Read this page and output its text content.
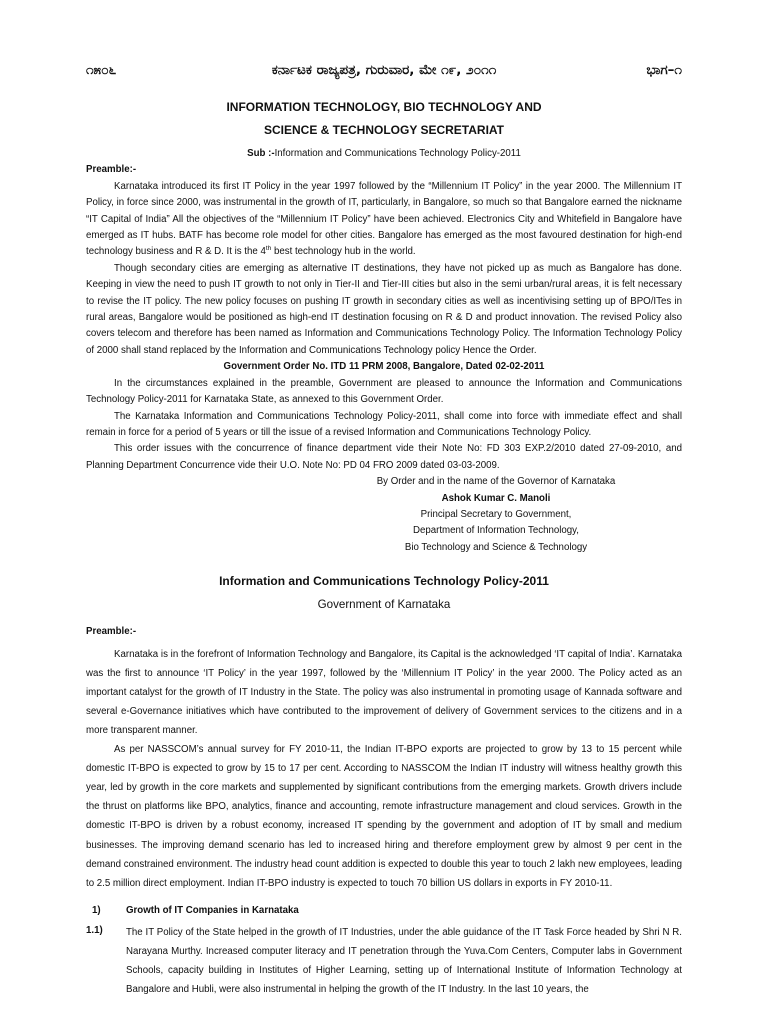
೧೫೦೬	ಕರ್ನಾಟಕ ರಾಜ್ಯಪತ್ರ, ಗುರುವಾರ, ಮೇ ೧೯, ೨೦೧೧	ಭಾಗ–೧

INFORMATION TECHNOLOGY, BIO TECHNOLOGY AND

SCIENCE & TECHNOLOGY SECRETARIAT

Sub :-Information and Communications Technology Policy-2011

Preamble:-

Karnataka introduced its first IT Policy in the year 1997 followed by the “Millennium IT Policy” in the year 2000. The Millennium IT Policy, in force since 2000, was instrumental in the growth of IT, particularly, in Bangalore, so much so that Bangalore earned the nickname “IT Capital of India” All the objectives of the “Millennium IT Policy” have been achieved. Electronics City and Whitefield in Bangalore have emerged as IT hubs. BATF has become role model for other cities. Bangalore has emerged as the most favoured destination for high-end technology business and R & D. It is the 4th best technology hub in the world.

Though secondary cities are emerging as alternative IT destinations, they have not picked up as much as Bangalore has done. Keeping in view the need to push IT growth to not only in Tier-II and Tier-III cities but also in the semi urban/rural areas, it is felt necessary to revise the IT policy. The new policy focuses on pushing IT growth in secondary cities as well as incentivising setting up of BPO/ITes in rural areas, Bangalore would be positioned as high-end IT destination focusing on R & D and product innovation. The revised Policy also covers telecom and therefore has been named as Information and Communications Technology Policy. The Information Technology Policy of 2000 shall stand replaced by the Information and Communications Technology policy Hence the Order.

Government Order No. ITD 11 PRM 2008, Bangalore, Dated 02-02-2011

In the circumstances explained in the preamble, Government are pleased to announce the Information and Communications Technology Policy-2011 for Karnataka State, as annexed to this Government Order.

The Karnataka Information and Communications Technology Policy-2011, shall come into force with immediate effect and shall remain in force for a period of 5 years or till the issue of a revised Information and Communications Technology Policy.

This order issues with the concurrence of finance department vide their Note No: FD 303 EXP.2/2010 dated 27-09-2010, and Planning Department Concurrence vide their U.O. Note No: PD 04 FRO 2009 dated 03-03-2009.

By Order and in the name of the Governor of Karnataka
Ashok Kumar C. Manoli
Principal Secretary to Government,
Department of Information Technology,
Bio Technology and Science & Technology

Information and Communications Technology Policy-2011

Government of Karnataka

Preamble:-

Karnataka is in the forefront of Information Technology and Bangalore, its Capital is the acknowledged ‘IT capital of India’. Karnataka was the first to announce ‘IT Policy’ in the year 1997, followed by the ‘Millennium IT Policy’ in the year 2000. The Policy acted as an important catalyst for the growth of IT Industry in the State. The policy was also instrumental in promoting usage of Kannada software and several e-Governance initiatives which have contributed to the improvement of delivery of Government services to the citizens and in a more transparent manner.

As per NASSCOM’s annual survey for FY 2010-11, the Indian IT-BPO exports are projected to grow by 13 to 15 percent while domestic IT-BPO is expected to grow by 15 to 17 per cent. According to NASSCOM the Indian IT industry will witness healthy growth this year, led by growth in the core markets and supplemented by significant contributions from the emerging markets. Growth drivers include the thrust on platforms like BPO, analytics, finance and accounting, remote infrastructure management and cloud services. Growth in the domestic IT-BPO is driven by a robust economy, increased IT spending by the government and adoption of IT by small and medium businesses. The improving demand scenario has led to increased hiring and therefore employment grew by almost 9 per cent in the demand constrained environment. The industry head count addition is expected to double this year to touch 2 lakh new employees, leading to 2.5 million direct employment. Indian IT-BPO industry is expected to touch 70 billion US dollars in exports in FY 2010-11.

1)	Growth of IT Companies in Karnataka
1.1)	The IT Policy of the State helped in the growth of IT Industries, under the able guidance of the IT Task Force headed by Shri N R. Narayana Murthy. Increased computer literacy and IT penetration through the Yuva.Com Centers, Computer labs in Government Schools, capacity building in Institutes of Higher Learning, setting up of International Institute of Information Technology at Bangalore and Hubli, were also instrumental in helping the growth of the IT Industry. In the last 10 years, the
